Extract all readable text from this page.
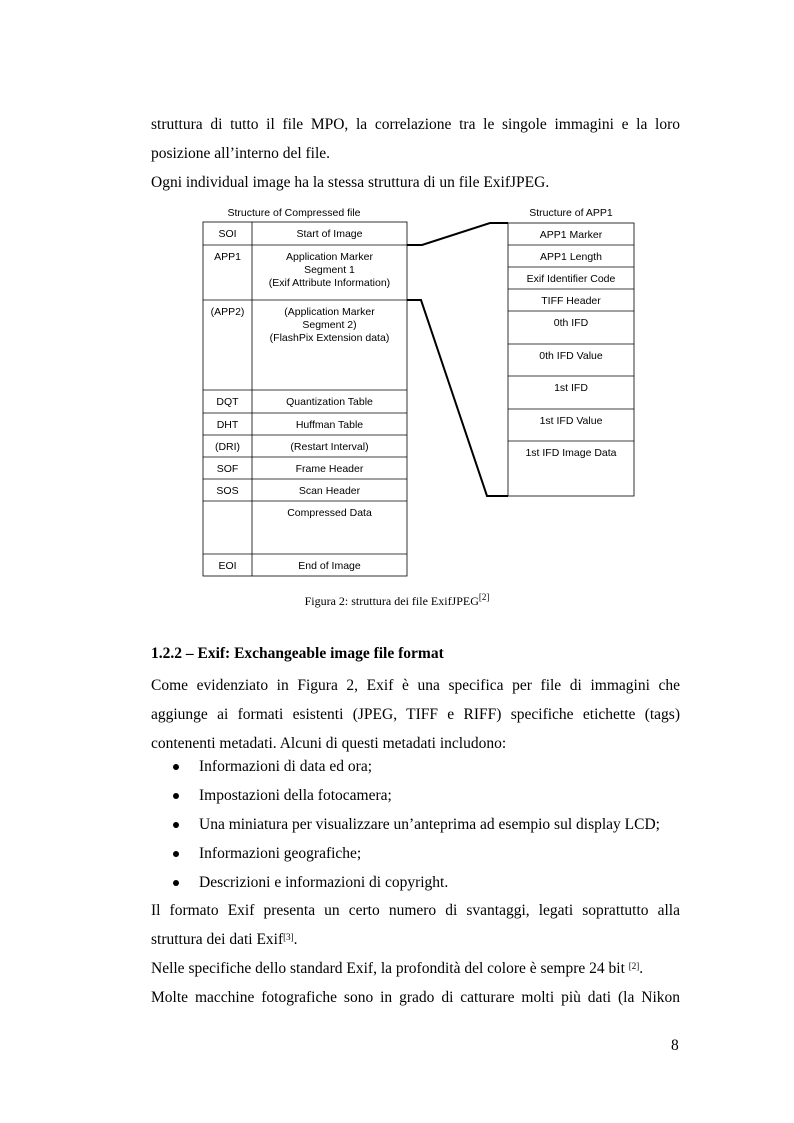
struttura di tutto il file MPO, la correlazione tra le singole immagini e la loro

posizione all’interno del file.

Ogni individual image ha la stessa struttura di un file ExifJPEG.

Structure of Compressed file
SOI	Start of Image
APP1	Application Marker
Segment 1
(Exif Attribute Information)
(APP2)	(Application Marker
Segment 2)
(FlashPix Extension data)
DQT	Quantization Table
DHT	Huffman Table
(DRI)	(Restart Interval)
SOF	Frame Header
SOS	Scan Header
Compressed Data
EOI	End of Image
Structure of APP1
APP1 Marker
APP1 Length
Exif Identifier Code
TIFF Header
0th IFD
0th IFD Value
1st IFD
1st IFD Value
1st IFD Image Data
Figura 2: struttura dei file ExifJPEG[2]
1.2.2 – Exif: Exchangeable image file format

Come evidenziato in Figura 2, Exif è una specifica per file di immagini che

aggiunge ai formati esistenti (JPEG, TIFF e RIFF) specifiche etichette (tags)

contenenti metadati. Alcuni di questi metadati includono:

Informazioni di data ed ora;
Impostazioni della fotocamera;
Una miniatura per visualizzare un’anteprima ad esempio sul display LCD;
Informazioni geografiche;
Descrizioni e informazioni di copyright.

Il formato Exif presenta un certo numero di svantaggi, legati soprattutto alla

struttura dei dati Exif[3].

Nelle specifiche dello standard Exif, la profondità del colore è sempre 24 bit [2].

Molte macchine fotografiche sono in grado di catturare molti più dati (la Nikon

8
